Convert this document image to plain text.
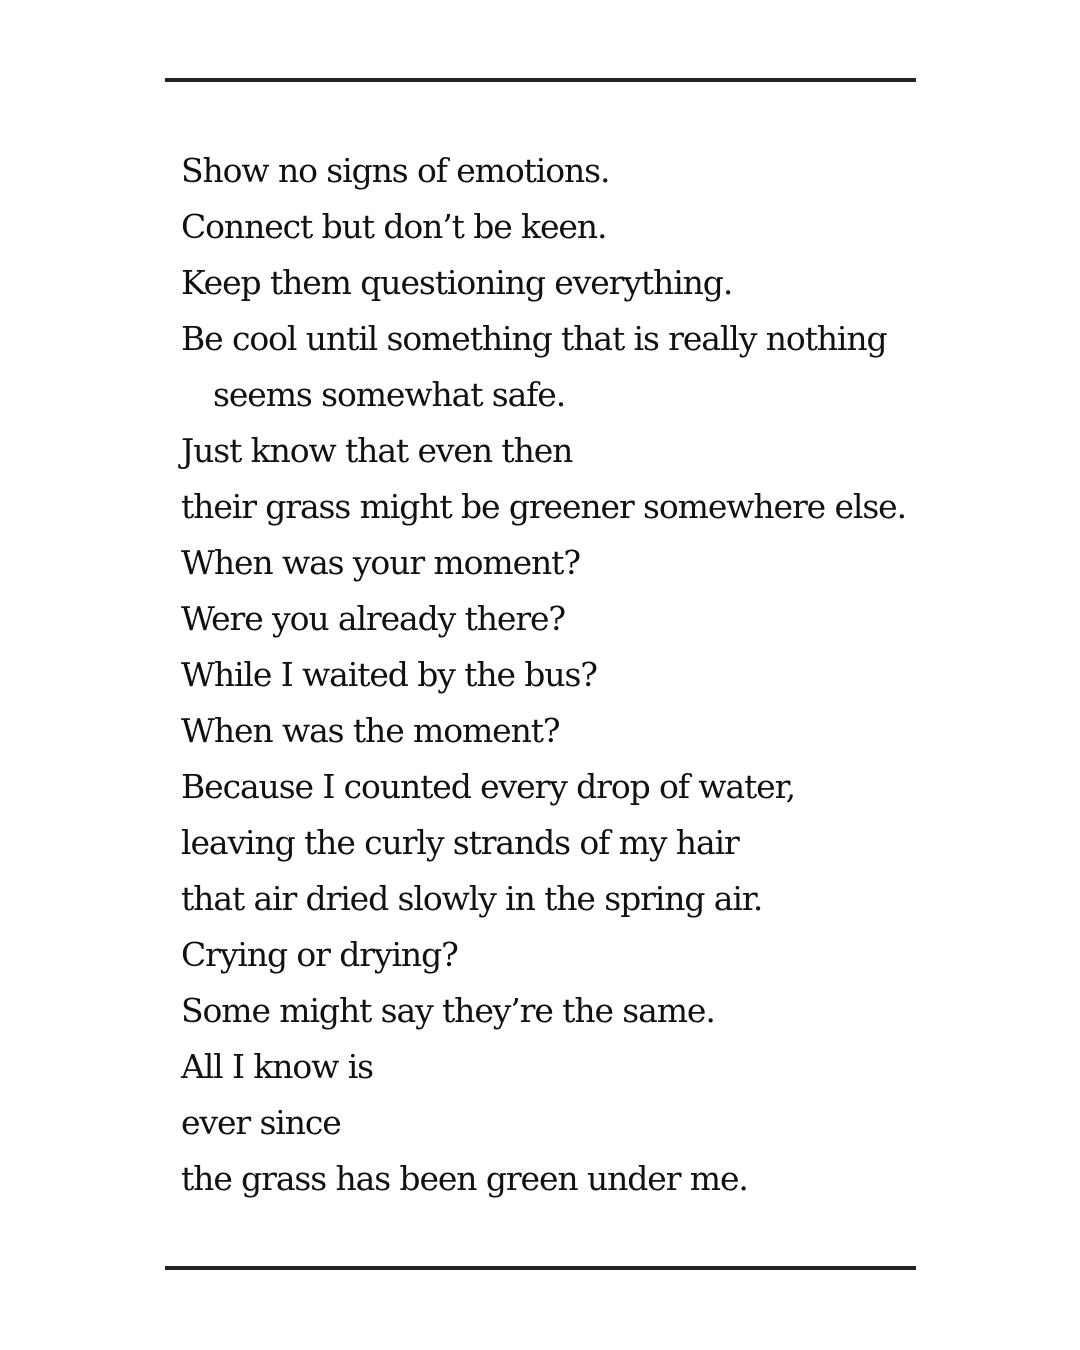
Show no signs of emotions.
Connect but don’t be keen.
Keep them questioning everything.
Be cool until something that is really nothing
seems somewhat safe.
Just know that even then
their grass might be greener somewhere else.
When was your moment?
Were you already there?
While I waited by the bus?
When was the moment?
Because I counted every drop of water,
leaving the curly strands of my hair
that air dried slowly in the spring air.
Crying or drying?
Some might say they’re the same.
All I know is
ever since
the grass has been green under me.
